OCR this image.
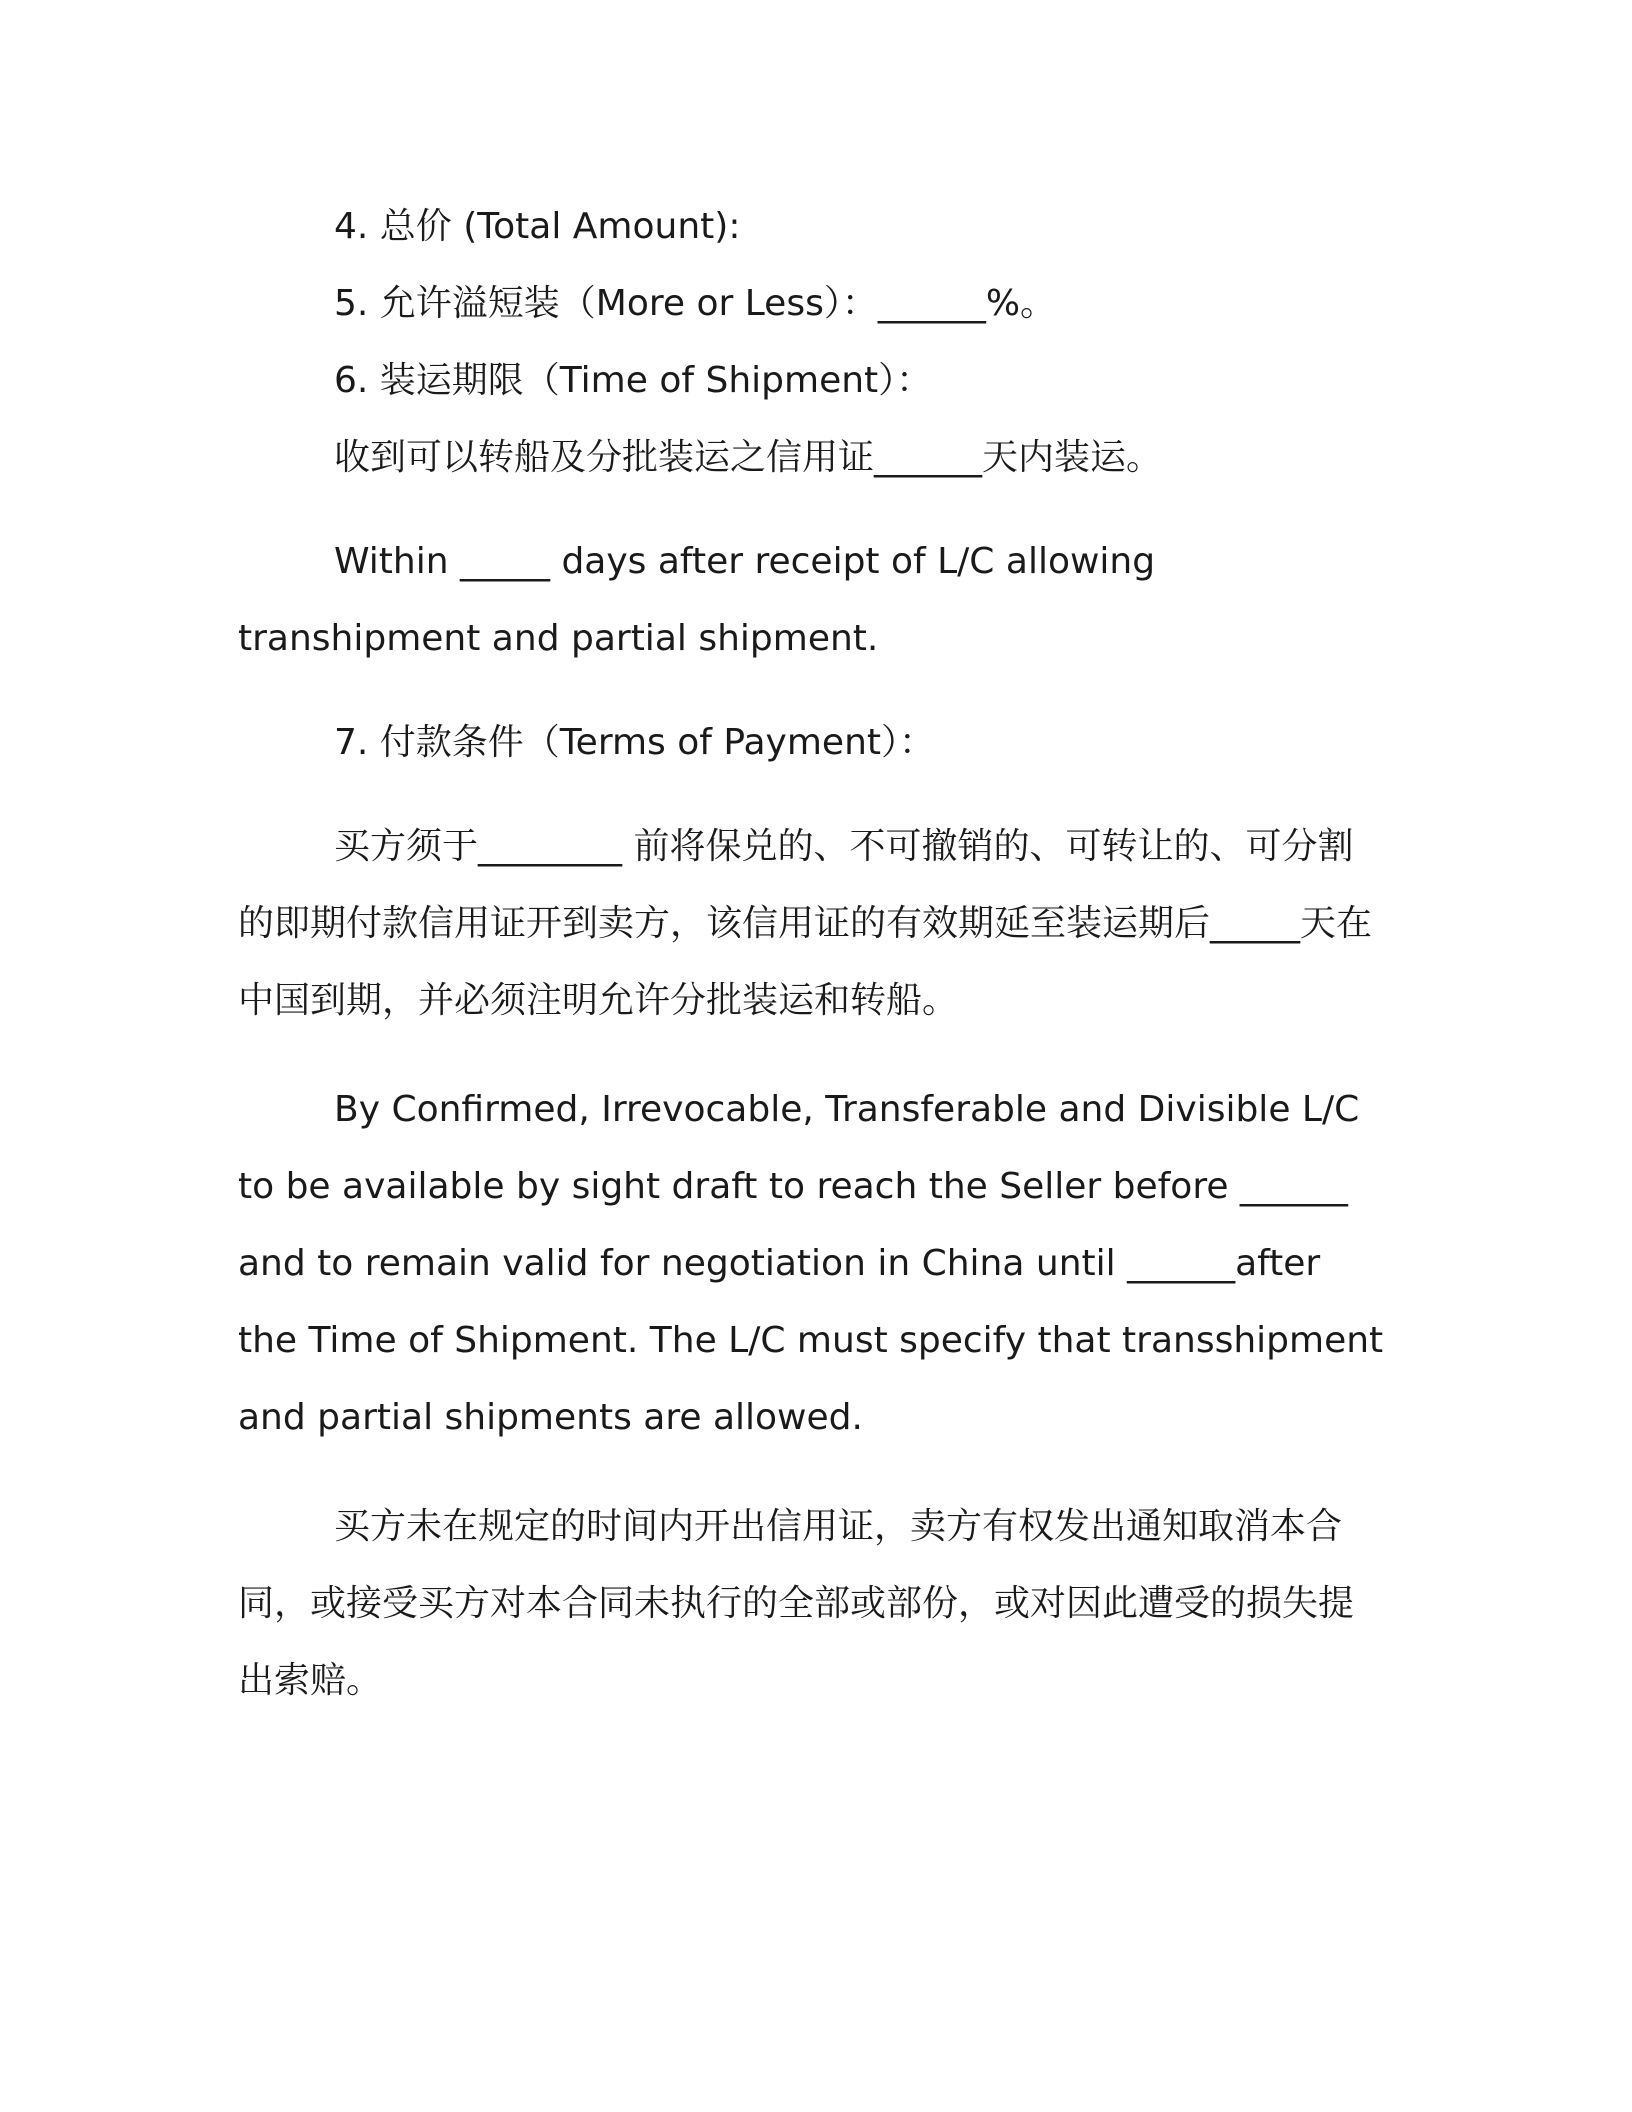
4. 总价 (Total Amount):

5. 允许溢短装（More or Less）：______%。

6. 装运期限（Time of Shipment）：

收到可以转船及分批装运之信用证______天内装运。

Within _____ days after receipt of L/C allowing transhipment and partial shipment.

7. 付款条件（Terms of Payment）：

买方须于________ 前将保兑的、不可撤销的、可转让的、可分割的即期付款信用证开到卖方，该信用证的有效期延至装运期后_____天在中国到期，并必须注明允许分批装运和转船。

By Confirmed, Irrevocable, Transferable and Divisible L/C to be available by sight draft to reach the Seller before ______ and to remain valid for negotiation in China until ______after the Time of Shipment. The L/C must specify that transshipment and partial shipments are allowed.

买方未在规定的时间内开出信用证，卖方有权发出通知取消本合同，或接受买方对本合同未执行的全部或部份，或对因此遭受的损失提出索赔。
